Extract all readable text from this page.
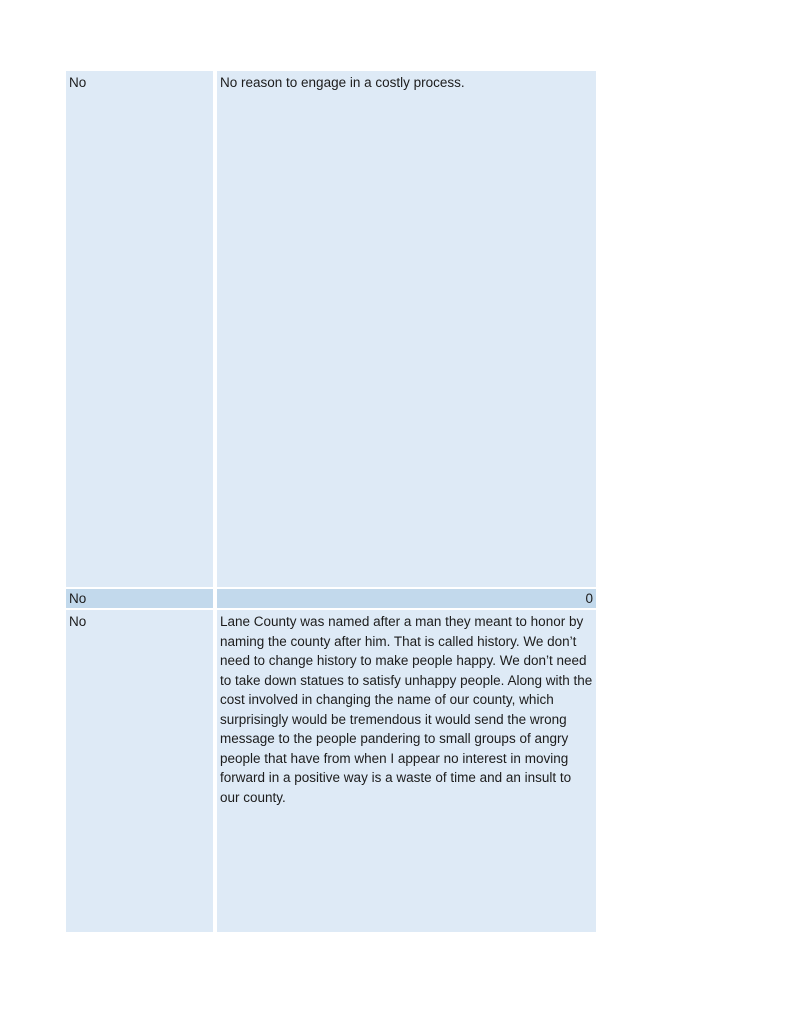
No	No reason to engage in a costly process.
No	0
No	Lane County was named after a man they meant to honor by naming the county after him. That is called history. We don’t need to change history to make people happy. We don’t need to take down statues to satisfy unhappy people. Along with the cost involved in changing the name of our county, which surprisingly would be tremendous it would send the wrong message to the people pandering to small groups of angry people that have from when I appear no interest in moving forward in a positive way is a waste of time and an insult to our county.
